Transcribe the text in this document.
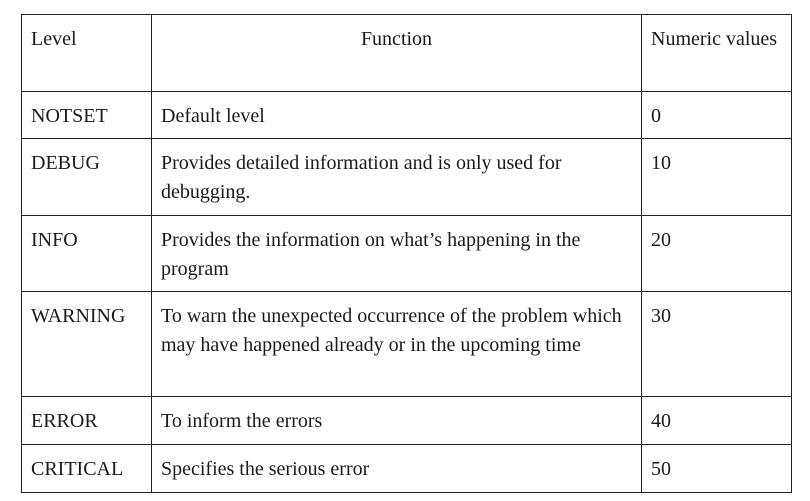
Level	Function	Numeric values
NOTSET	Default level	0
DEBUG	Provides detailed information and is only used for debugging.	10
INFO	Provides the information on what’s happening in the program	20
WARNING	To warn the unexpected occurrence of the problem which may have happened already or in the upcoming time	30
ERROR	To inform the errors	40
CRITICAL	Specifies the serious error	50
